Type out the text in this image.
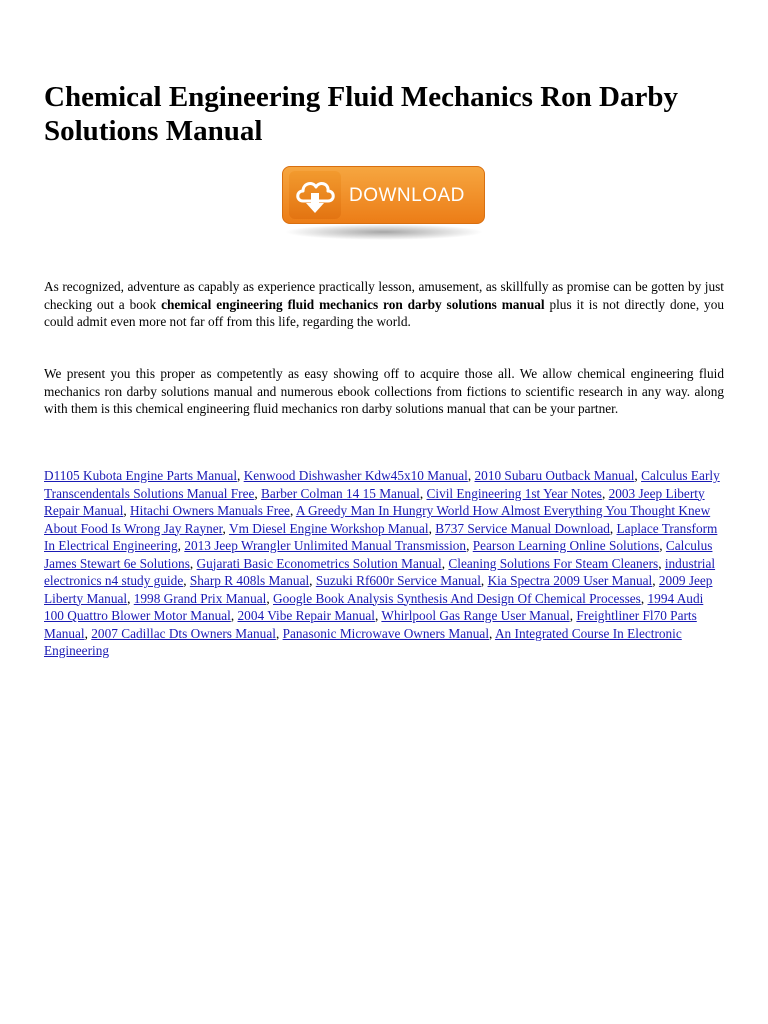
Chemical Engineering Fluid Mechanics Ron Darby Solutions Manual
DOWNLOAD

As recognized, adventure as capably as experience practically lesson, amusement, as skillfully as promise can be gotten by just checking out a book chemical engineering fluid mechanics ron darby solutions manual plus it is not directly done, you could admit even more not far off from this life, regarding the world.

We present you this proper as competently as easy showing off to acquire those all. We allow chemical engineering fluid mechanics ron darby solutions manual and numerous ebook collections from fictions to scientific research in any way. along with them is this chemical engineering fluid mechanics ron darby solutions manual that can be your partner.

D1105 Kubota Engine Parts Manual, Kenwood Dishwasher Kdw45x10 Manual, 2010 Subaru Outback Manual, Calculus Early Transcendentals Solutions Manual Free, Barber Colman 14 15 Manual, Civil Engineering 1st Year Notes, 2003 Jeep Liberty Repair Manual, Hitachi Owners Manuals Free, A Greedy Man In Hungry World How Almost Everything You Thought Knew About Food Is Wrong Jay Rayner, Vm Diesel Engine Workshop Manual, B737 Service Manual Download, Laplace Transform In Electrical Engineering, 2013 Jeep Wrangler Unlimited Manual Transmission, Pearson Learning Online Solutions, Calculus James Stewart 6e Solutions, Gujarati Basic Econometrics Solution Manual, Cleaning Solutions For Steam Cleaners, industrial electronics n4 study guide, Sharp R 408ls Manual, Suzuki Rf600r Service Manual, Kia Spectra 2009 User Manual, 2009 Jeep Liberty Manual, 1998 Grand Prix Manual, Google Book Analysis Synthesis And Design Of Chemical Processes, 1994 Audi 100 Quattro Blower Motor Manual, 2004 Vibe Repair Manual, Whirlpool Gas Range User Manual, Freightliner Fl70 Parts Manual, 2007 Cadillac Dts Owners Manual, Panasonic Microwave Owners Manual, An Integrated Course In Electronic Engineering
